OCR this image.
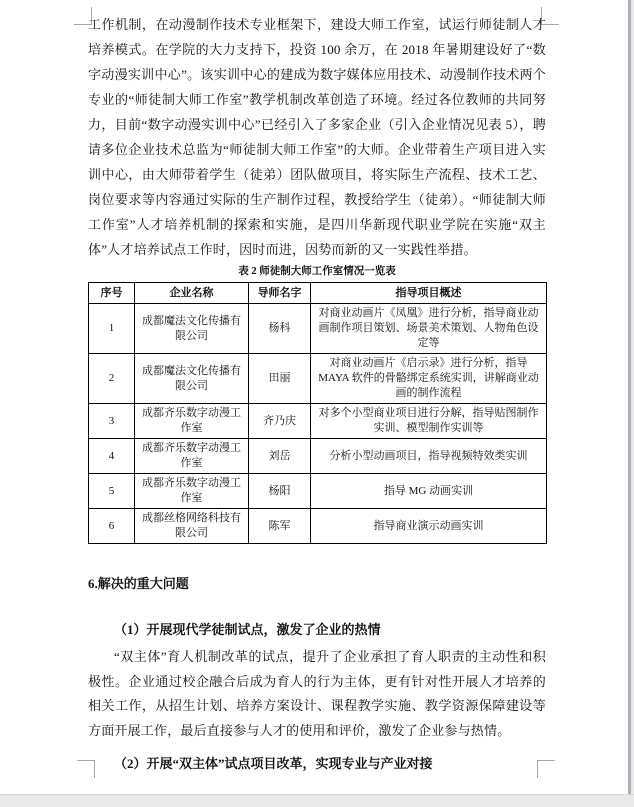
工作机制，在动漫制作技术专业框架下，建设大师工作室，试运行师徒制人才培养模式。在学院的大力支持下，投资 100 余万，在 2018 年暑期建设好了“数字动漫实训中心”。该实训中心的建成为数字媒体应用技术、动漫制作技术两个专业的“师徒制大师工作室”教学机制改革创造了环境。经过各位教师的共同努力，目前“数字动漫实训中心”已经引入了多家企业（引入企业情况见表 5），聘请多位企业技术总监为“师徒制大师工作室”的大师。企业带着生产项目进入实训中心，由大师带着学生（徒弟）团队做项目，将实际生产流程、技术工艺、岗位要求等内容通过实际的生产制作过程，教授给学生（徒弟）。“师徒制大师工作室”人才培养机制的探索和实施，是四川华新现代职业学院在实施“双主体”人才培养试点工作时，因时而进，因势而新的又一实践性举措。

表 2 师徒制大师工作室情况一览表
序号	企业名称	导师名字	指导项目概述
1	成都魔法文化传播有限公司	杨科	对商业动画片《凤凰》进行分析，指导商业动画制作项目策划、场景美术策划、人物角色设定等
2	成都魔法文化传播有限公司	田丽	对商业动画片《启示录》进行分析，指导 MAYA 软件的骨骼绑定系统实训，讲解商业动画的制作流程
3	成都齐乐数字动漫工作室	齐乃庆	对多个小型商业项目进行分解，指导贴图制作实训、模型制作实训等
4	成都齐乐数字动漫工作室	刘岳	分析小型动画项目，指导视频特效类实训
5	成都齐乐数字动漫工作室	杨阳	指导 MG 动画实训
6	成都丝格网络科技有限公司	陈军	指导商业演示动画实训
6.解决的重大问题
（1）开展现代学徒制试点，激发了企业的热情

“双主体”育人机制改革的试点，提升了企业承担了育人职责的主动性和积极性。企业通过校企融合后成为育人的行为主体，更有针对性开展人才培养的相关工作，从招生计划、培养方案设计、课程教学实施、教学资源保障建设等方面开展工作，最后直接参与人才的使用和评价，激发了企业参与热情。

（2）开展“双主体”试点项目改革，实现专业与产业对接
